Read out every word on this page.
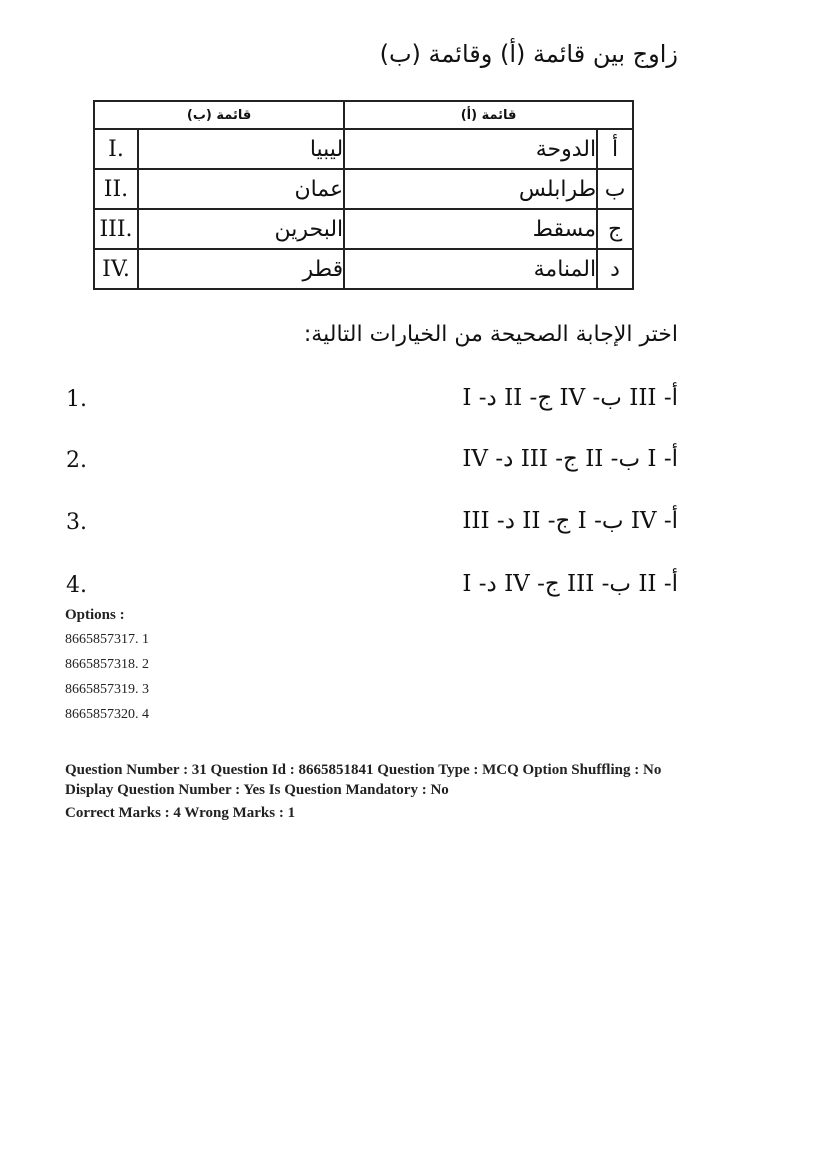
زاوج بين قائمة (أ) وقائمة (ب)
قائمة (أ)		قائمة (ب)	
أ	الدوحة	ليبيا	I.
ب	طرابلس	عمان	II.
ج	مسقط	البحرين	III.
د	المنامة	قطر	IV.
اختر الإجابة الصحيحة من الخيارات التالية:
1.	أ- III ب- IV ج- II د- I
2.	أ- I ب- II ج- III د- IV
3.	أ- IV ب- I ج- II د- III
4.	أ- II ب- III ج- IV د- I
Options :
8665857317. 1
8665857318. 2
8665857319. 3
8665857320. 4
Question Number : 31 Question Id : 8665851841 Question Type : MCQ Option Shuffling : No
Display Question Number : Yes Is Question Mandatory : No
Correct Marks : 4 Wrong Marks : 1
